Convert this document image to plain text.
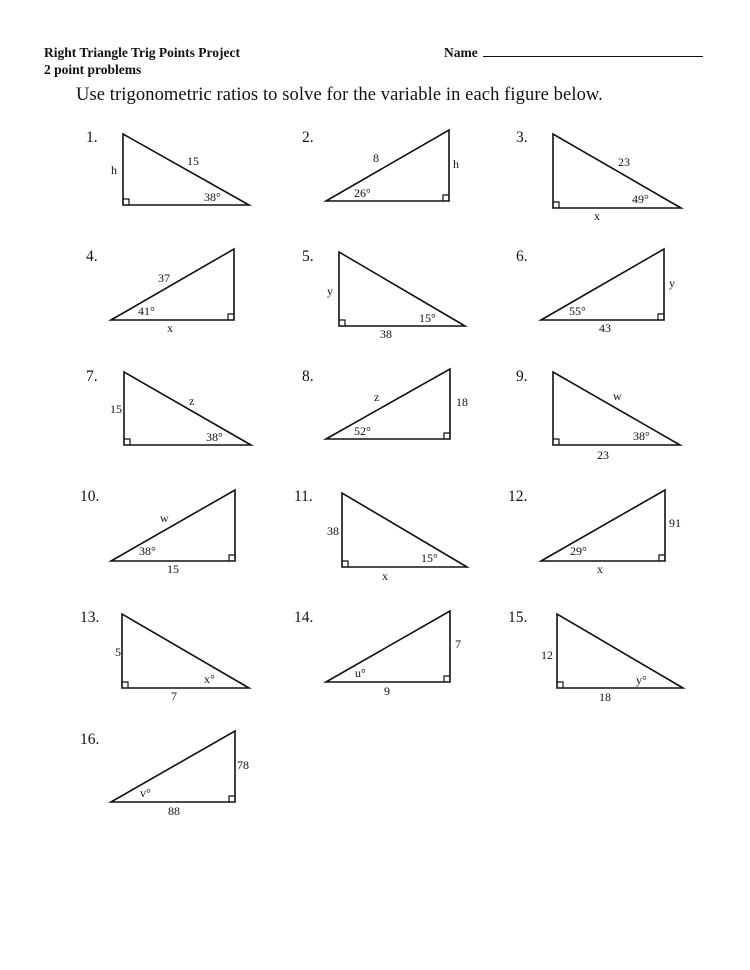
Right Triangle Trig Points Project
2 point problems
Name
Use trigonometric ratios to solve for the variable in each figure below.
1.
h
15
38°
2.
8	h
26°
3.
23
49°
x
4.
37
41°
x
5.
y
15°
38
6.
y
55°
43
7.
15
z
38°
8.
z	18
52°
9.
w
38°
23
10.
w
38°
15
11.
38
15°
x
12.
91
29°
x
13.
5
x°
7
14.
7
u°
9
15.
12
y°
18
16.
78
v°
88
